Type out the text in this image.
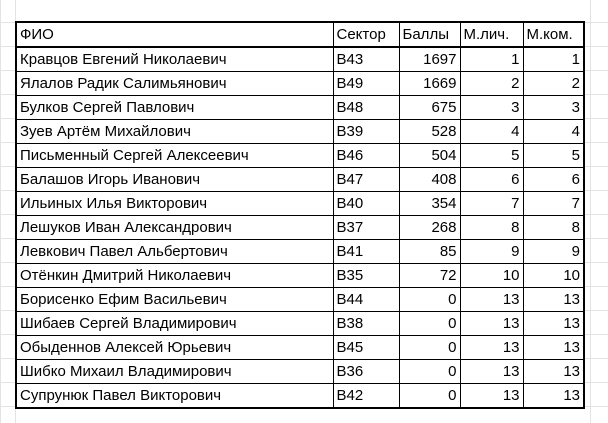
ФИО	Сектор	Баллы	М.лич.	М.ком.
Кравцов Евгений Николаевич	В43	1697	1	1
Ялалов Радик Салимьянович	В49	1669	2	2
Булков Сергей Павлович	В48	675	3	3
Зуев Артём Михайлович	В39	528	4	4
Письменный Сергей Алексеевич	В46	504	5	5
Балашов Игорь Иванович	В47	408	6	6
Ильиных Илья Викторович	В40	354	7	7
Лешуков Иван Александрович	В37	268	8	8
Левкович Павел Альбертович	В41	85	9	9
Отёнкин Дмитрий Николаевич	В35	72	10	10
Борисенко Ефим Васильевич	В44	0	13	13
Шибаев Сергей Владимирович	В38	0	13	13
Обыденнов Алексей Юрьевич	В45	0	13	13
Шибко Михаил Владимирович	В36	0	13	13
Супрунюк Павел Викторович	В42	0	13	13
